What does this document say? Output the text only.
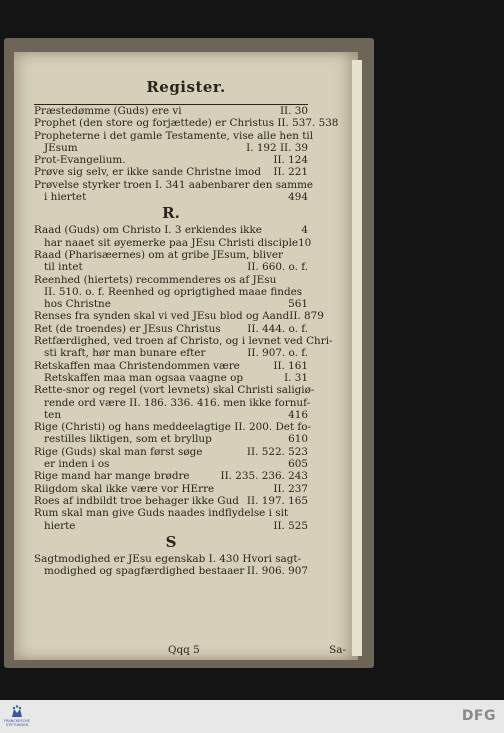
Register.
Præstedømme (Guds) ere vi	II. 30
Prophet (den store og forjættede) er Christus II. 537. 538
Propheterne i det gamle Testamente, vise alle hen til
JEsum	I. 192 II. 39
Prot-Evangelium.	II. 124
Prøve sig selv, er ikke sande Christne imod II. 221
Prøvelse styrker troen I. 341 aabenbarer den samme
i hiertet	494
R.
Raad (Guds) om Christo I. 3 erkiendes ikke	4
har naaet sit øyemerke paa JEsu Christi disciple 10
Raad (Pharisæernes) om at gribe JEsum, bliver
til intet	II. 660. o. f.
Reenhed (hiertets) recommenderes os af JEsu
II. 510. o. f. Reenhed og oprigtighed maae findes
hos Christne	561
Renses fra synden skal vi ved JEsu blod og Aand II. 879
Ret (de troendes) er JEsus Christus	II. 444. o. f.
Retfærdighed, ved troen af Christo, og i levnet ved Chri-
sti kraft, hør man bunare efter	II. 907. o. f.
Retskaffen maa Christendommen være	II. 161
Retskaffen maa man ogsaa vaagne op	I. 31
Rette-snor og regel (vort levnets) skal Christi saligiø-
rende ord være II. 186. 336. 416. men ikke fornuf-
ten	416
Rige (Christi) og hans meddeelagtige II. 200. Det fo-
restilles liktigen, som et bryllup	610
Rige (Guds) skal man først søge	II. 522. 523
er inden i os	605
Rige mand har mange brødre	II. 235. 236. 243
Riigdom skal ikke være vor HErre	II. 237
Roes af indbildt troe behager ikke Gud II. 197. 165
Rum skal man give Guds naades indflydelse i sit
hierte	II. 525
S
Sagtmodighed er JEsu egenskab I. 430 Hvori sagt-
modighed og spagfærdighed bestaaer II. 906. 907
Qqq 5	Sa-
FRANCKESCHE STIFTUNGEN
DFG
